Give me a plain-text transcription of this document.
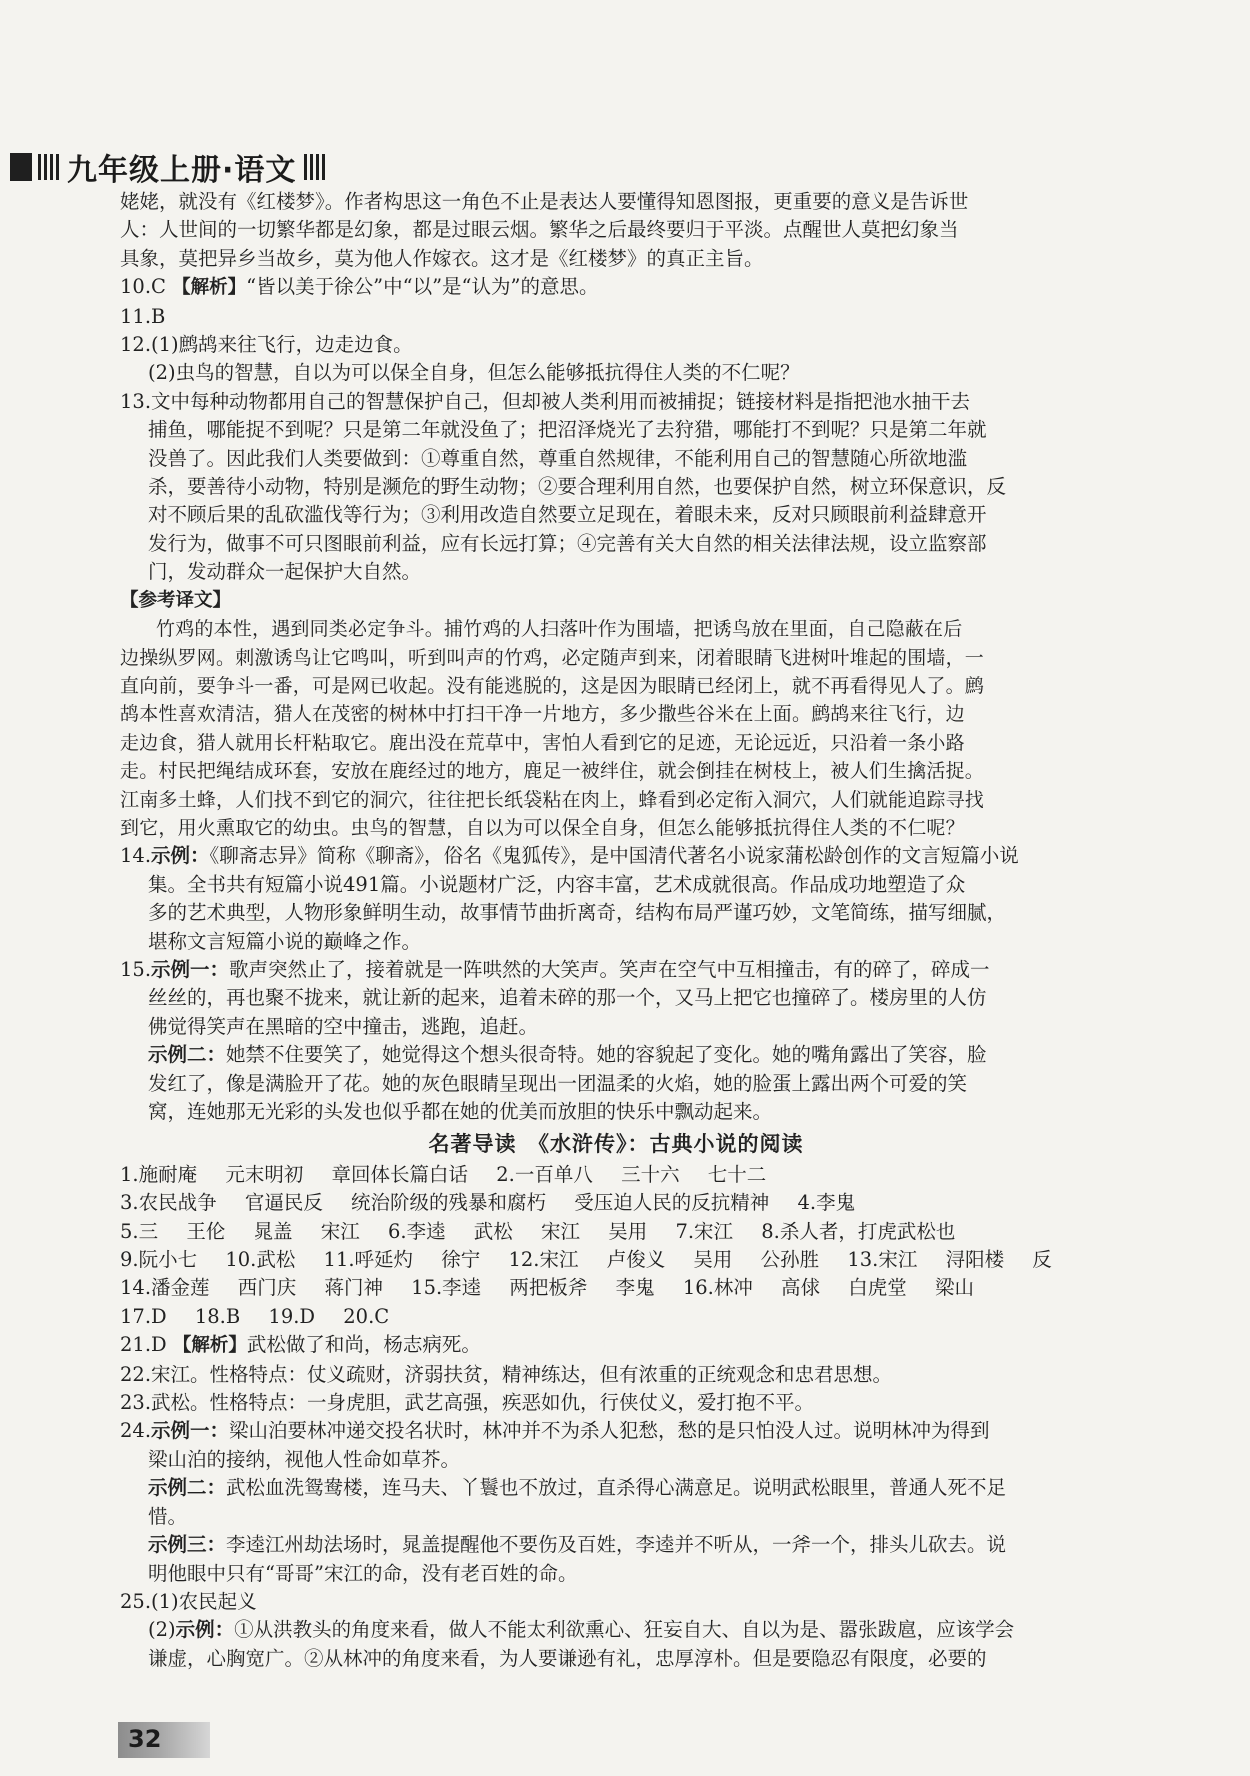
九年级上册·语文
姥姥，就没有《红楼梦》。作者构思这一角色不止是表达人要懂得知恩图报，更重要的意义是告诉世
人：人世间的一切繁华都是幻象，都是过眼云烟。繁华之后最终要归于平淡。点醒世人莫把幻象当
具象，莫把异乡当故乡，莫为他人作嫁衣。这才是《红楼梦》的真正主旨。
10.C 【解析】“皆以美于徐公”中“以”是“认为”的意思。
11.B
12.(1)鹧鸪来往飞行，边走边食。
(2)虫鸟的智慧，自以为可以保全自身，但怎么能够抵抗得住人类的不仁呢？
13.文中每种动物都用自己的智慧保护自己，但却被人类利用而被捕捉；链接材料是指把池水抽干去
捕鱼，哪能捉不到呢？只是第二年就没鱼了；把沼泽烧光了去狩猎，哪能打不到呢？只是第二年就
没兽了。因此我们人类要做到：①尊重自然，尊重自然规律，不能利用自己的智慧随心所欲地滥
杀，要善待小动物，特别是濒危的野生动物；②要合理利用自然，也要保护自然，树立环保意识，反
对不顾后果的乱砍滥伐等行为；③利用改造自然要立足现在，着眼未来，反对只顾眼前利益肆意开
发行为，做事不可只图眼前利益，应有长远打算；④完善有关大自然的相关法律法规，设立监察部
门，发动群众一起保护大自然。
【参考译文】
竹鸡的本性，遇到同类必定争斗。捕竹鸡的人扫落叶作为围墙，把诱鸟放在里面，自己隐蔽在后
边操纵罗网。刺激诱鸟让它鸣叫，听到叫声的竹鸡，必定随声到来，闭着眼睛飞进树叶堆起的围墙，一
直向前，要争斗一番，可是网已收起。没有能逃脱的，这是因为眼睛已经闭上，就不再看得见人了。鹧
鸪本性喜欢清洁，猎人在茂密的树林中打扫干净一片地方，多少撒些谷米在上面。鹧鸪来往飞行，边
走边食，猎人就用长杆粘取它。鹿出没在荒草中，害怕人看到它的足迹，无论远近，只沿着一条小路
走。村民把绳结成环套，安放在鹿经过的地方，鹿足一被绊住，就会倒挂在树枝上，被人们生擒活捉。
江南多土蜂，人们找不到它的洞穴，往往把长纸袋粘在肉上，蜂看到必定衔入洞穴，人们就能追踪寻找
到它，用火熏取它的幼虫。虫鸟的智慧，自以为可以保全自身，但怎么能够抵抗得住人类的不仁呢？
14.示例：《聊斋志异》简称《聊斋》，俗名《鬼狐传》，是中国清代著名小说家蒲松龄创作的文言短篇小说
集。全书共有短篇小说491篇。小说题材广泛，内容丰富，艺术成就很高。作品成功地塑造了众
多的艺术典型，人物形象鲜明生动，故事情节曲折离奇，结构布局严谨巧妙，文笔简练，描写细腻，
堪称文言短篇小说的巅峰之作。
15.示例一：歌声突然止了，接着就是一阵哄然的大笑声。笑声在空气中互相撞击，有的碎了，碎成一
丝丝的，再也聚不拢来，就让新的起来，追着未碎的那一个，又马上把它也撞碎了。楼房里的人仿
佛觉得笑声在黑暗的空中撞击，逃跑，追赶。
示例二：她禁不住要笑了，她觉得这个想头很奇特。她的容貌起了变化。她的嘴角露出了笑容，脸
发红了，像是满脸开了花。她的灰色眼睛呈现出一团温柔的火焰，她的脸蛋上露出两个可爱的笑
窝，连她那无光彩的头发也似乎都在她的优美而放胆的快乐中飘动起来。
名著导读　《水浒传》：古典小说的阅读
1.施耐庵 元末明初 章回体长篇白话 2.一百单八 三十六 七十二
3.农民战争 官逼民反 统治阶级的残暴和腐朽 受压迫人民的反抗精神 4.李鬼
5.三 王伦 晁盖 宋江 6.李逵 武松 宋江 吴用 7.宋江 8.杀人者，打虎武松也
9.阮小七 10.武松 11.呼延灼 徐宁 12.宋江 卢俊义 吴用 公孙胜 13.宋江 浔阳楼 反
14.潘金莲 西门庆 蒋门神 15.李逵 两把板斧 李鬼 16.林冲 高俅 白虎堂 梁山
17.D 18.B 19.D 20.C
21.D 【解析】武松做了和尚，杨志病死。
22.宋江。性格特点：仗义疏财，济弱扶贫，精神练达，但有浓重的正统观念和忠君思想。
23.武松。性格特点：一身虎胆，武艺高强，疾恶如仇，行侠仗义，爱打抱不平。
24.示例一：梁山泊要林冲递交投名状时，林冲并不为杀人犯愁，愁的是只怕没人过。说明林冲为得到
梁山泊的接纳，视他人性命如草芥。
示例二：武松血洗鸳鸯楼，连马夫、丫鬟也不放过，直杀得心满意足。说明武松眼里，普通人死不足
惜。
示例三：李逵江州劫法场时，晁盖提醒他不要伤及百姓，李逵并不听从，一斧一个，排头儿砍去。说
明他眼中只有“哥哥”宋江的命，没有老百姓的命。
25.(1)农民起义
(2)示例：①从洪教头的角度来看，做人不能太利欲熏心、狂妄自大、自以为是、嚣张跋扈，应该学会
谦虚，心胸宽广。②从林冲的角度来看，为人要谦逊有礼，忠厚淳朴。但是要隐忍有限度，必要的
32
